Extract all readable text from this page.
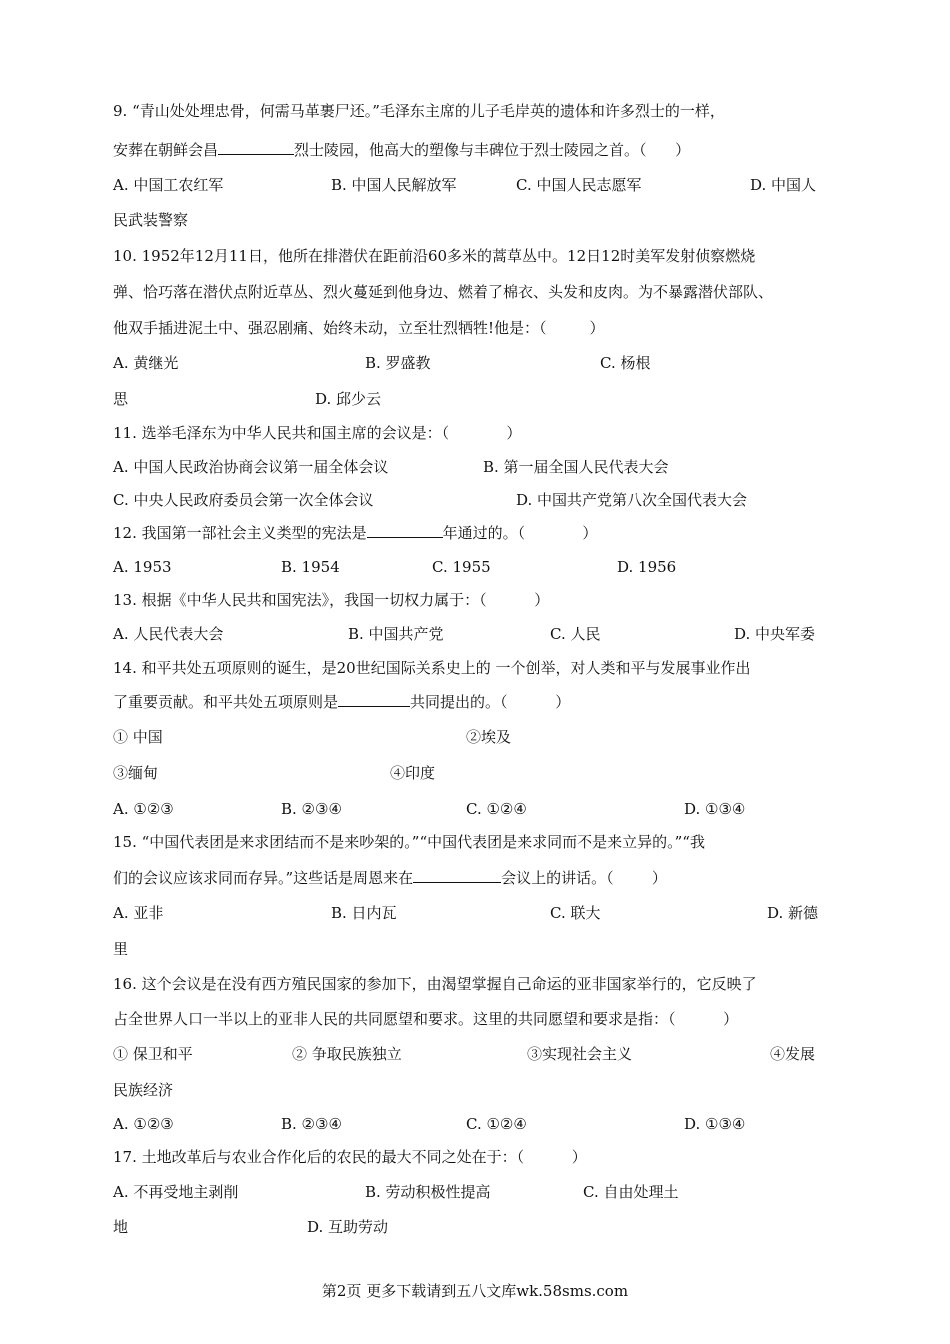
9. “青山处处埋忠骨，何需马革裹尸还。”毛泽东主席的儿子毛岸英的遗体和许多烈士的一样，
安葬在朝鲜会昌	烈士陵园，他高大的塑像与丰碑位于烈士陵园之首。（      ）
A. 中国工农红军	B. 中国人民解放军	C. 中国人民志愿军	D. 中国人
民武装警察
10. 1952年12月11日，他所在排潜伏在距前沿60多米的蒿草丛中。12日12时美军发射侦察燃烧
弹、恰巧落在潜伏点附近草丛、烈火蔓延到他身边、燃着了棉衣、头发和皮肉。为不暴露潜伏部队、
他双手插进泥土中、强忍剧痛、始终未动，立至壮烈牺牲!他是：（         ）
A. 黄继光	B. 罗盛教	C. 杨根
思	D. 邱少云
11. 选举毛泽东为中华人民共和国主席的会议是：（            ）
A. 中国人民政治协商会议第一届全体会议	B. 第一届全国人民代表大会
C. 中央人民政府委员会第一次全体会议	D. 中国共产党第八次全国代表大会
12. 我国第一部社会主义类型的宪法是	年通过的。（            ）
A. 1953	B. 1954	C. 1955	D. 1956
13. 根据《中华人民共和国宪法》，我国一切权力属于：（          ）
A. 人民代表大会	B. 中国共产党	C. 人民	D. 中央军委
14. 和平共处五项原则的诞生，是20世纪国际关系史上的 一个创举，对人类和平与发展事业作出
了重要贡献。和平共处五项原则是	共同提出的。（          ）
① 中国	②埃及
③缅甸	④印度
A. ①②③	B. ②③④	C. ①②④	D. ①③④
15. “中国代表团是来求团结而不是来吵架的。”“中国代表团是来求同而不是来立异的。”“我
们的会议应该求同而存异。”这些话是周恩来在	会议上的讲话。（        ）
A. 亚非	B. 日内瓦	C. 联大	D. 新德
里
16. 这个会议是在没有西方殖民国家的参加下，由渴望掌握自己命运的亚非国家举行的，它反映了
占全世界人口一半以上的亚非人民的共同愿望和要求。这里的共同愿望和要求是指：（          ）
① 保卫和平	② 争取民族独立	③实现社会主义	④发展
民族经济
A. ①②③	B. ②③④	C. ①②④	D. ①③④
17. 土地改革后与农业合作化后的农民的最大不同之处在于：（          ）
A. 不再受地主剥削	B. 劳动积极性提高	C. 自由处理土
地	D. 互助劳动
第2页 更多下载请到五八文库wk.58sms.com
